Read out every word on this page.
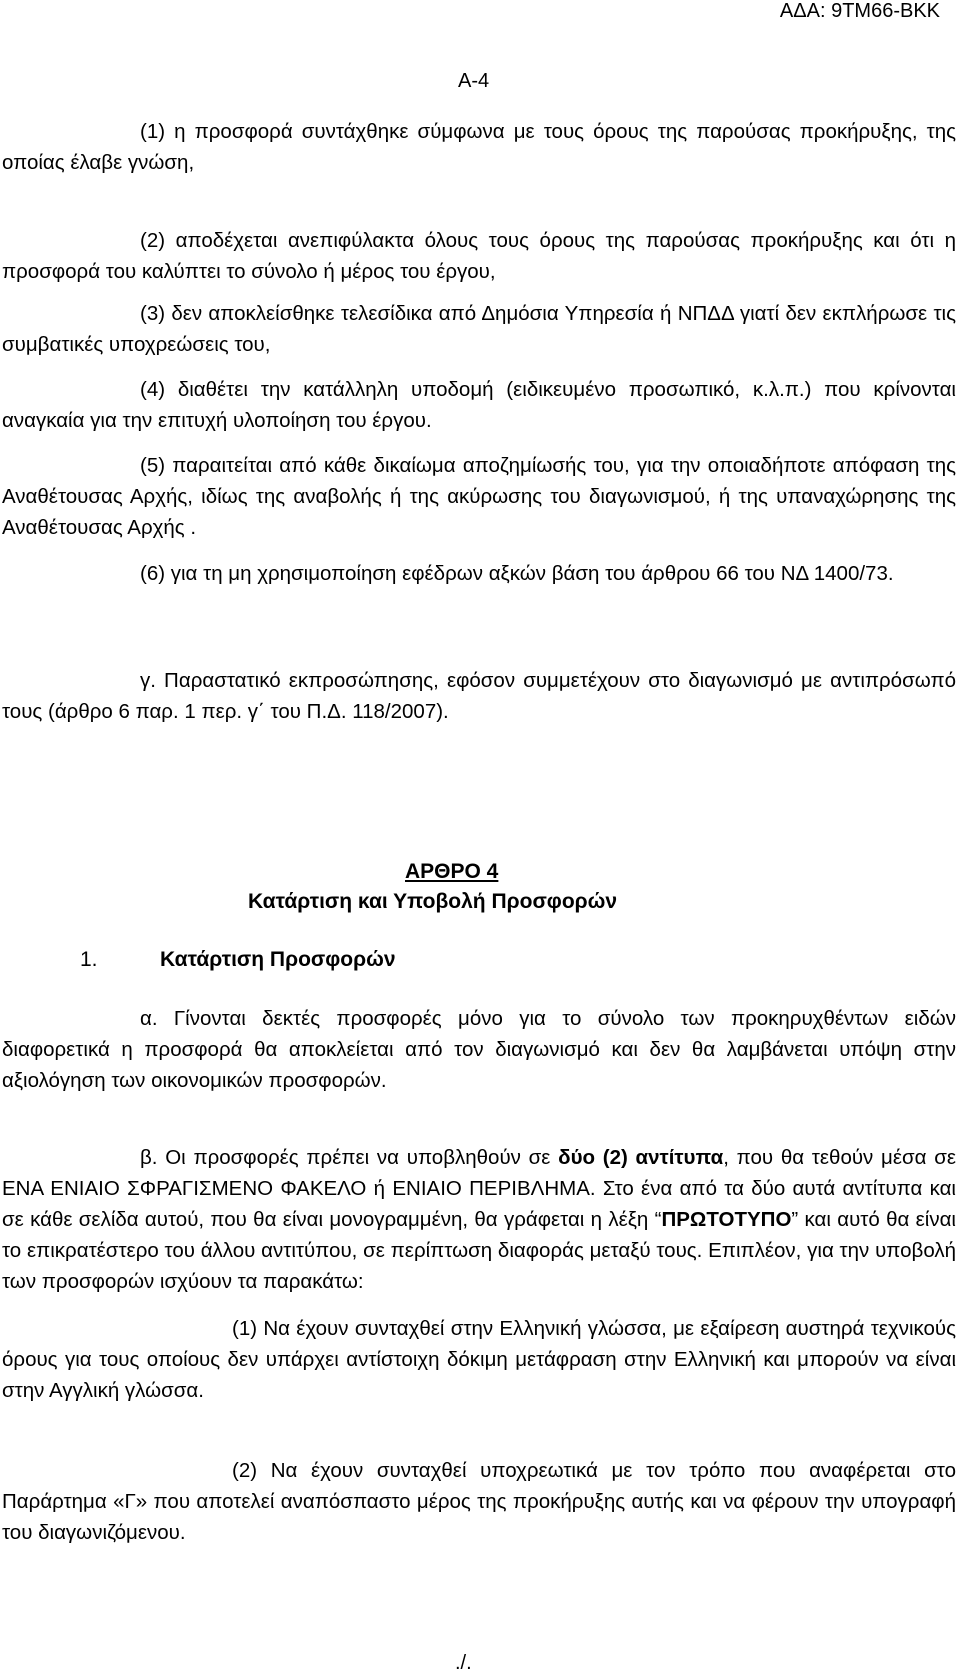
ΑΔΑ: 9ΤΜ66-ΒΚΚ
Α-4

(1) η προσφορά συντάχθηκε σύμφωνα με τους όρους της παρούσας προκήρυξης, της οποίας έλαβε γνώση,

(2) αποδέχεται ανεπιφύλακτα όλους τους όρους της παρούσας προκήρυξης και ότι η προσφορά του καλύπτει το σύνολο ή μέρος του έργου,

(3) δεν αποκλείσθηκε τελεσίδικα από Δημόσια Υπηρεσία ή ΝΠΔΔ γιατί δεν εκπλήρωσε τις συμβατικές υποχρεώσεις του,

(4) διαθέτει την κατάλληλη υποδομή (ειδικευμένο προσωπικό, κ.λ.π.) που κρίνονται αναγκαία για την επιτυχή υλοποίηση του έργου.

(5) παραιτείται από κάθε δικαίωμα αποζημίωσής του, για την οποιαδήποτε απόφαση της Αναθέτουσας Αρχής, ιδίως της αναβολής ή της ακύρωσης του διαγωνισμού, ή της υπαναχώρησης της Αναθέτουσας Αρχής .

(6) για τη μη χρησιμοποίηση εφέδρων αξκών βάση του άρθρου 66 του ΝΔ 1400/73.

γ. Παραστατικό εκπροσώπησης, εφόσον συμμετέχουν στο διαγωνισμό με αντιπρόσωπό τους (άρθρο 6 παρ. 1 περ. γ΄ του Π.Δ. 118/2007).

ΑΡΘΡΟ 4
Κατάρτιση και Υποβολή Προσφορών
1.	Κατάρτιση Προσφορών

α. Γίνονται δεκτές προσφορές μόνο για το σύνολο των προκηρυχθέντων ειδών διαφορετικά η προσφορά θα αποκλείεται από τον διαγωνισμό και δεν θα λαμβάνεται υπόψη στην αξιολόγηση των οικονομικών προσφορών.

β. Οι προσφορές πρέπει να υποβληθούν σε δύο (2) αντίτυπα, που θα τεθούν μέσα σε ΕΝΑ ΕΝΙΑΙΟ ΣΦΡΑΓΙΣΜΕΝΟ ΦΑΚΕΛΟ ή ΕΝΙΑΙΟ ΠΕΡΙΒΛΗΜΑ. Στο ένα από τα δύο αυτά αντίτυπα και σε κάθε σελίδα αυτού, που θα είναι μονογραμμένη, θα γράφεται η λέξη “ΠΡΩΤΟΤΥΠΟ” και αυτό θα είναι το επικρατέστερο του άλλου αντιτύπου, σε περίπτωση διαφοράς μεταξύ τους. Επιπλέον, για την υποβολή των προσφορών ισχύουν τα παρακάτω:

(1) Να έχουν συνταχθεί στην Ελληνική γλώσσα, με εξαίρεση αυστηρά τεχνικούς όρους για τους οποίους δεν υπάρχει αντίστοιχη δόκιμη μετάφραση στην Ελληνική και μπορούν να είναι στην Αγγλική γλώσσα.

(2) Να έχουν συνταχθεί υποχρεωτικά με τον τρόπο που αναφέρεται στο Παράρτημα «Γ» που αποτελεί αναπόσπαστο μέρος της προκήρυξης αυτής και να φέρουν την υπογραφή του διαγωνιζόμενου.

./.
